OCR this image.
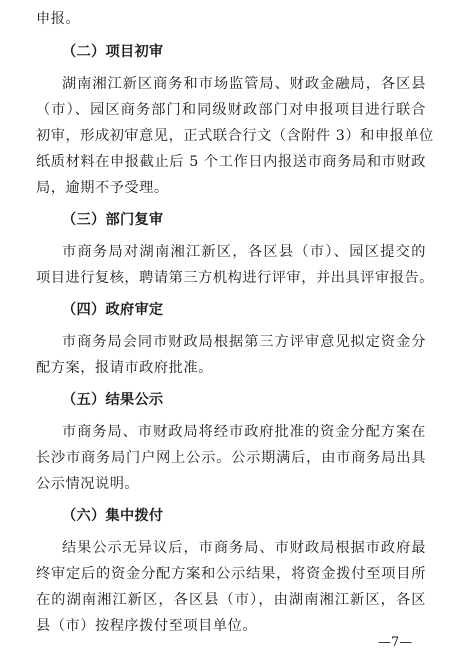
申报。
（二）项目初审
湖南湘江新区商务和市场监管局、财政金融局，各区县
（市）、园区商务部门和同级财政部门对申报项目进行联合
初审，形成初审意见，正式联合行文（含附件 3）和申报单位
纸质材料在申报截止后 5 个工作日内报送市商务局和市财政
局，逾期不予受理。
（三）部门复审
市商务局对湖南湘江新区，各区县（市）、园区提交的
项目进行复核，聘请第三方机构进行评审，并出具评审报告。
（四）政府审定
市商务局会同市财政局根据第三方评审意见拟定资金分
配方案，报请市政府批准。
（五）结果公示
市商务局、市财政局将经市政府批准的资金分配方案在
长沙市商务局门户网上公示。公示期满后，由市商务局出具
公示情况说明。
（六）集中拨付
结果公示无异议后，市商务局、市财政局根据市政府最
终审定后的资金分配方案和公示结果，将资金拨付至项目所
在的湖南湘江新区，各区县（市），由湖南湘江新区，各区
县（市）按程序拨付至项目单位。
—7—
